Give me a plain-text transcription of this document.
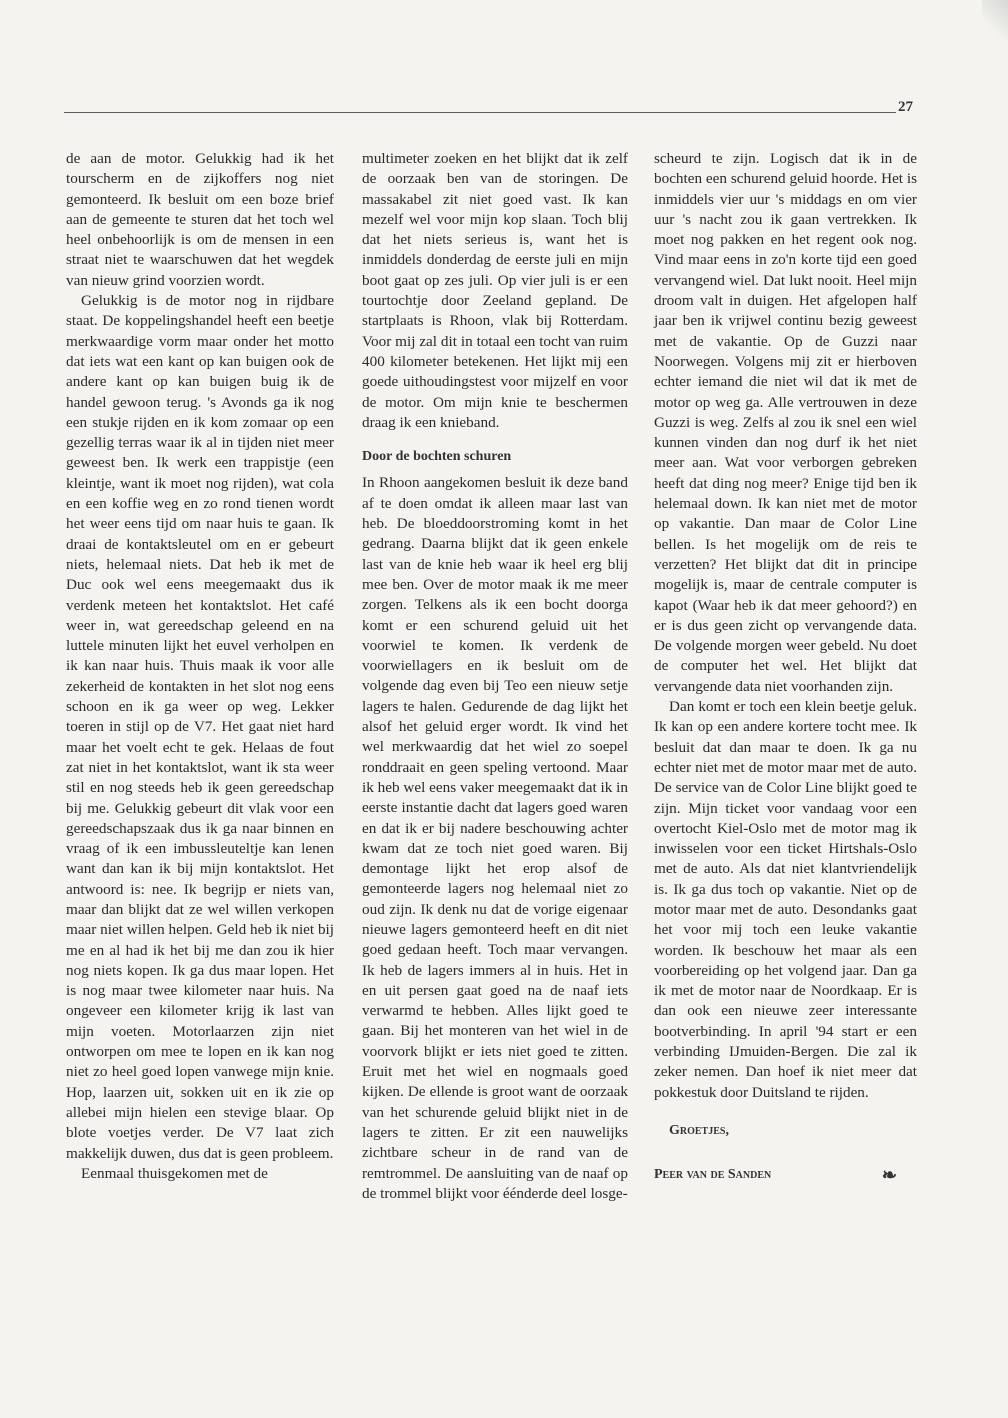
27

de aan de motor. Gelukkig had ik het tourscherm en de zijkoffers nog niet gemonteerd. Ik besluit om een boze brief aan de gemeente te sturen dat het toch wel heel onbehoorlijk is om de mensen in een straat niet te waarschuwen dat het wegdek van nieuw grind voorzien wordt.

Gelukkig is de motor nog in rijdbare staat. De koppelingshandel heeft een beetje merkwaardige vorm maar onder het motto dat iets wat een kant op kan buigen ook de andere kant op kan buigen buig ik de handel gewoon terug. 's Avonds ga ik nog een stukje rijden en ik kom zomaar op een gezellig terras waar ik al in tijden niet meer geweest ben. Ik werk een trappistje (een kleintje, want ik moet nog rijden), wat cola en een koffie weg en zo rond tienen wordt het weer eens tijd om naar huis te gaan. Ik draai de kontaktsleutel om en er gebeurt niets, helemaal niets. Dat heb ik met de Duc ook wel eens meegemaakt dus ik verdenk meteen het kontaktslot. Het café weer in, wat gereedschap geleend en na luttele minuten lijkt het euvel verholpen en ik kan naar huis. Thuis maak ik voor alle zekerheid de kontakten in het slot nog eens schoon en ik ga weer op weg. Lekker toeren in stijl op de V7. Het gaat niet hard maar het voelt echt te gek. Helaas de fout zat niet in het kontaktslot, want ik sta weer stil en nog steeds heb ik geen gereedschap bij me. Gelukkig gebeurt dit vlak voor een gereedschapszaak dus ik ga naar binnen en vraag of ik een imbussleuteltje kan lenen want dan kan ik bij mijn kontaktslot. Het antwoord is: nee. Ik begrijp er niets van, maar dan blijkt dat ze wel willen verkopen maar niet willen helpen. Geld heb ik niet bij me en al had ik het bij me dan zou ik hier nog niets kopen. Ik ga dus maar lopen. Het is nog maar twee kilometer naar huis. Na ongeveer een kilometer krijg ik last van mijn voeten. Motorlaarzen zijn niet ontworpen om mee te lopen en ik kan nog niet zo heel goed lopen vanwege mijn knie. Hop, laarzen uit, sokken uit en ik zie op allebei mijn hielen een stevige blaar. Op blote voetjes verder. De V7 laat zich makkelijk duwen, dus dat is geen probleem.

Eenmaal thuisgekomen met de

multimeter zoeken en het blijkt dat ik zelf de oorzaak ben van de storingen. De massakabel zit niet goed vast. Ik kan mezelf wel voor mijn kop slaan. Toch blij dat het niets serieus is, want het is inmiddels donderdag de eerste juli en mijn boot gaat op zes juli. Op vier juli is er een tourtochtje door Zeeland gepland. De startplaats is Rhoon, vlak bij Rotterdam. Voor mij zal dit in totaal een tocht van ruim 400 kilometer betekenen. Het lijkt mij een goede uithoudingstest voor mijzelf en voor de motor. Om mijn knie te beschermen draag ik een knieband.

Door de bochten schuren

In Rhoon aangekomen besluit ik deze band af te doen omdat ik alleen maar last van heb. De bloeddoorstroming komt in het gedrang. Daarna blijkt dat ik geen enkele last van de knie heb waar ik heel erg blij mee ben. Over de motor maak ik me meer zorgen. Telkens als ik een bocht doorga komt er een schurend geluid uit het voorwiel te komen. Ik verdenk de voorwiellagers en ik besluit om de volgende dag even bij Teo een nieuw setje lagers te halen. Gedurende de dag lijkt het alsof het geluid erger wordt. Ik vind het wel merkwaardig dat het wiel zo soepel ronddraait en geen speling vertoond. Maar ik heb wel eens vaker meegemaakt dat ik in eerste instantie dacht dat lagers goed waren en dat ik er bij nadere beschouwing achter kwam dat ze toch niet goed waren. Bij demontage lijkt het erop alsof de gemonteerde lagers nog helemaal niet zo oud zijn. Ik denk nu dat de vorige eigenaar nieuwe lagers gemonteerd heeft en dit niet goed gedaan heeft. Toch maar vervangen. Ik heb de lagers immers al in huis. Het in en uit persen gaat goed na de naaf iets verwarmd te hebben. Alles lijkt goed te gaan. Bij het monteren van het wiel in de voorvork blijkt er iets niet goed te zitten. Eruit met het wiel en nogmaals goed kijken. De ellende is groot want de oorzaak van het schurende geluid blijkt niet in de lagers te zitten. Er zit een nauwelijks zichtbare scheur in de rand van de remtrommel. De aansluiting van de naaf op de trommel blijkt voor éénderde deel losge-

scheurd te zijn. Logisch dat ik in de bochten een schurend geluid hoorde. Het is inmiddels vier uur 's middags en om vier uur 's nacht zou ik gaan vertrekken. Ik moet nog pakken en het regent ook nog. Vind maar eens in zo'n korte tijd een goed vervangend wiel. Dat lukt nooit. Heel mijn droom valt in duigen. Het afgelopen half jaar ben ik vrijwel continu bezig geweest met de vakantie. Op de Guzzi naar Noorwegen. Volgens mij zit er hierboven echter iemand die niet wil dat ik met de motor op weg ga. Alle vertrouwen in deze Guzzi is weg. Zelfs al zou ik snel een wiel kunnen vinden dan nog durf ik het niet meer aan. Wat voor verborgen gebreken heeft dat ding nog meer? Enige tijd ben ik helemaal down. Ik kan niet met de motor op vakantie. Dan maar de Color Line bellen. Is het mogelijk om de reis te verzetten? Het blijkt dat dit in principe mogelijk is, maar de centrale computer is kapot (Waar heb ik dat meer gehoord?) en er is dus geen zicht op vervangende data. De volgende morgen weer gebeld. Nu doet de computer het wel. Het blijkt dat vervangende data niet voorhanden zijn.

Dan komt er toch een klein beetje geluk. Ik kan op een andere kortere tocht mee. Ik besluit dat dan maar te doen. Ik ga nu echter niet met de motor maar met de auto. De service van de Color Line blijkt goed te zijn. Mijn ticket voor vandaag voor een overtocht Kiel-Oslo met de motor mag ik inwisselen voor een ticket Hirtshals-Oslo met de auto. Als dat niet klantvriendelijk is. Ik ga dus toch op vakantie. Niet op de motor maar met de auto. Desondanks gaat het voor mij toch een leuke vakantie worden. Ik beschouw het maar als een voorbereiding op het volgend jaar. Dan ga ik met de motor naar de Noordkaap. Er is dan ook een nieuwe zeer interessante bootverbinding. In april '94 start er een verbinding IJmuiden-Bergen. Die zal ik zeker nemen. Dan hoef ik niet meer dat pokkestuk door Duitsland te rijden.

Groetjes,

Peer van de Sanden	❧
